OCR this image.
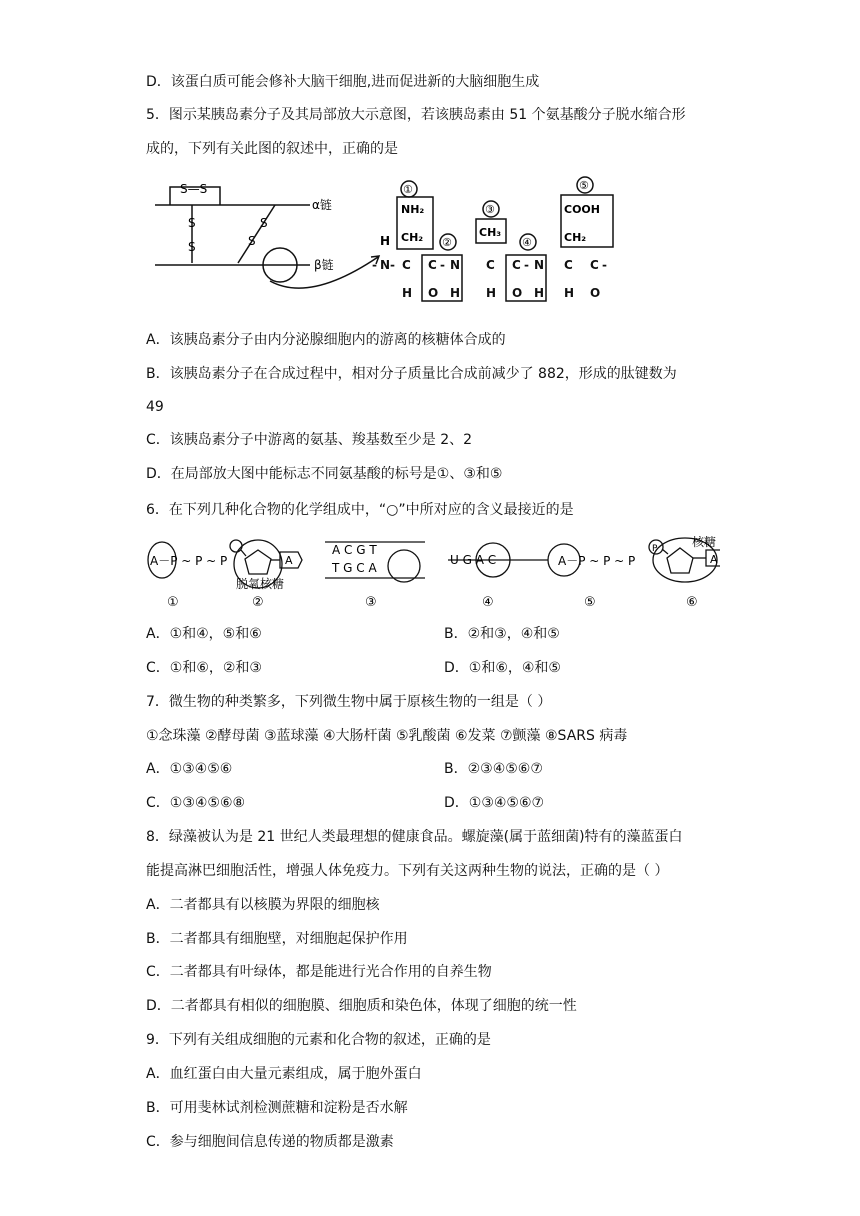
D．该蛋白质可能会修补大脑干细胞,进而促进新的大脑细胞生成
5．图示某胰岛素分子及其局部放大示意图，若该胰岛素由 51 个氨基酸分子脱水缩合形
成的，下列有关此图的叙述中，正确的是
S—S
S
S
S
S
α链
β链
①
②
③
④
⑤
NH₂
CH₂	CH₃
COOH
CH₂
H
- N - C C - N C C - N C C -
H O H H O H H O
A．该胰岛素分子由内分泌腺细胞内的游离的核糖体合成的
B．该胰岛素分子在合成过程中，相对分子质量比合成前减少了 882，形成的肽键数为
49
C．该胰岛素分子中游离的氨基、羧基数至少是 2、2
D．在局部放大图中能标志不同氨基酸的标号是①、③和⑤
6．在下列几种化合物的化学组成中，“○”中所对应的含义最接近的是
A－P ~ P ~ P	A
脱氧核糖
A C G T
T G C A
U G A C	A－P ~ P ~ P
P	核糖
A
①	②	③	④	⑤	⑥
A．①和④，⑤和⑥	B．②和③，④和⑤
C．①和⑥，②和③	D．①和⑥，④和⑤
7．微生物的种类繁多，下列微生物中属于原核生物的一组是（ ）
①念珠藻 ②酵母菌 ③蓝球藻 ④大肠杆菌 ⑤乳酸菌 ⑥发菜 ⑦颤藻 ⑧SARS 病毒
A．①③④⑤⑥	B．②③④⑤⑥⑦
C．①③④⑤⑥⑧	D．①③④⑤⑥⑦
8．绿藻被认为是 21 世纪人类最理想的健康食品。螺旋藻(属于蓝细菌)特有的藻蓝蛋白
能提高淋巴细胞活性，增强人体免疫力。下列有关这两种生物的说法，正确的是（ ）
A．二者都具有以核膜为界限的细胞核
B．二者都具有细胞壁，对细胞起保护作用
C．二者都具有叶绿体，都是能进行光合作用的自养生物
D．二者都具有相似的细胞膜、细胞质和染色体，体现了细胞的统一性
9．下列有关组成细胞的元素和化合物的叙述，正确的是
A．血红蛋白由大量元素组成，属于胞外蛋白
B．可用斐林试剂检测蔗糖和淀粉是否水解
C．参与细胞间信息传递的物质都是激素
